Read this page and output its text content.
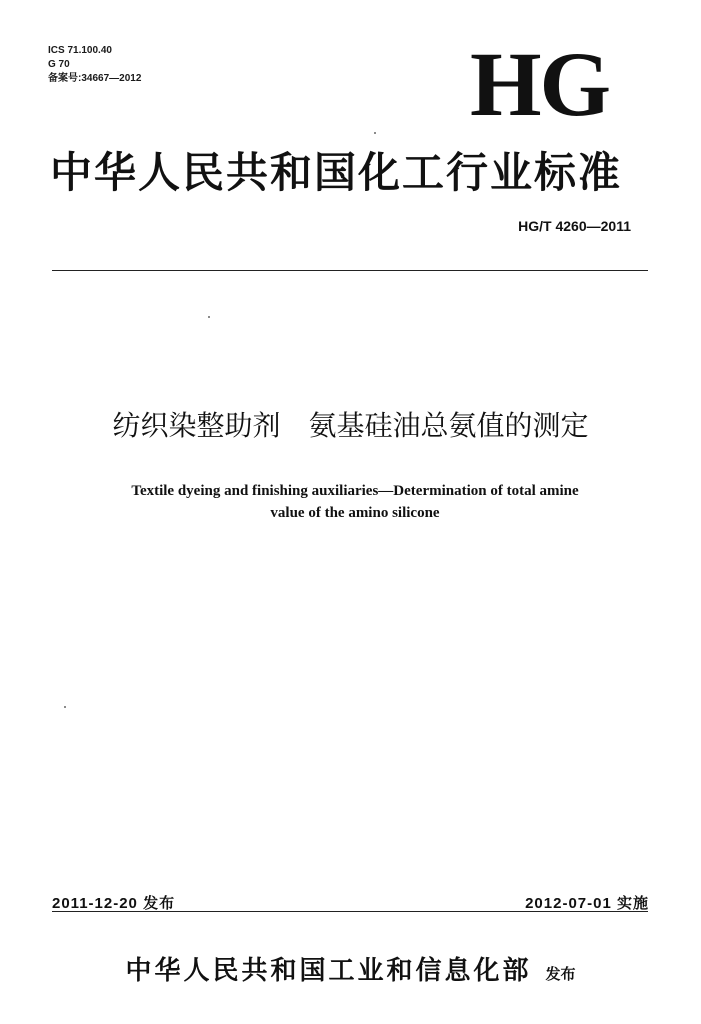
ICS 71.100.40
G 70
备案号:34667—2012	HG
中华人民共和国化工行业标准
HG/T 4260—2011
纺织染整助剂　氨基硅油总氨值的测定
Textile dyeing and finishing auxiliaries—Determination of total amine
value of the amino silicone
2011-12-20 发布	2012-07-01 实施
中华人民共和国工业和信息化部 发布
